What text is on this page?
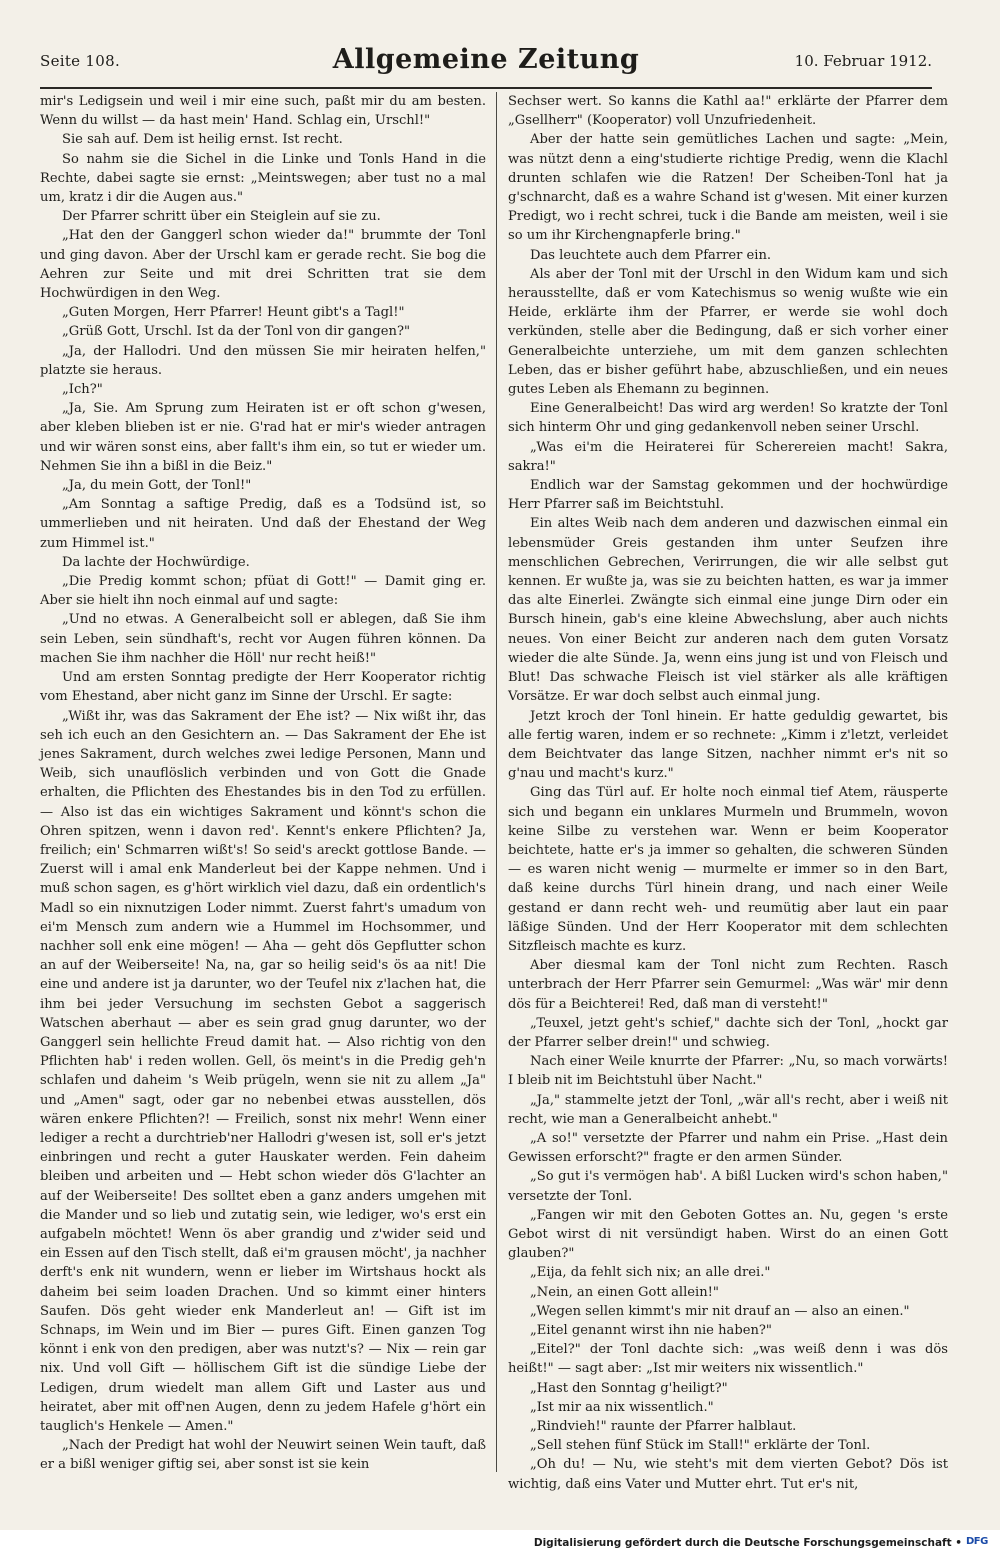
Seite 108.	Allgemeine Zeitung	10. Februar 1912.

mir's Ledigsein und weil i mir eine such, paßt mir du am besten. Wenn du willst — da hast mein' Hand. Schlag ein, Urschl!"

Sie sah auf. Dem ist heilig ernst. Ist recht.

So nahm sie die Sichel in die Linke und Tonls Hand in die Rechte, dabei sagte sie ernst: „Meintswegen; aber tust no a mal um, kratz i dir die Augen aus."

Der Pfarrer schritt über ein Steiglein auf sie zu.

„Hat den der Ganggerl schon wieder da!" brummte der Tonl und ging davon. Aber der Urschl kam er gerade recht. Sie bog die Aehren zur Seite und mit drei Schritten trat sie dem Hochwürdigen in den Weg.

„Guten Morgen, Herr Pfarrer! Heunt gibt's a Tagl!"

„Grüß Gott, Urschl. Ist da der Tonl von dir gangen?"

„Ja, der Hallodri. Und den müssen Sie mir heiraten helfen," platzte sie heraus.

„Ich?"

„Ja, Sie. Am Sprung zum Heiraten ist er oft schon g'wesen, aber kleben blieben ist er nie. G'rad hat er mir's wieder antragen und wir wären sonst eins, aber fallt's ihm ein, so tut er wieder um. Nehmen Sie ihn a bißl in die Beiz."

„Ja, du mein Gott, der Tonl!"

„Am Sonntag a saftige Predig, daß es a Todsünd ist, so ummerlieben und nit heiraten. Und daß der Ehestand der Weg zum Himmel ist."

Da lachte der Hochwürdige.

„Die Predig kommt schon; pfüat di Gott!" — Damit ging er. Aber sie hielt ihn noch einmal auf und sagte:

„Und no etwas. A Generalbeicht soll er ablegen, daß Sie ihm sein Leben, sein sündhaft's, recht vor Augen führen können. Da machen Sie ihm nachher die Höll' nur recht heiß!"

Und am ersten Sonntag predigte der Herr Kooperator richtig vom Ehestand, aber nicht ganz im Sinne der Urschl. Er sagte:

„Wißt ihr, was das Sakrament der Ehe ist? — Nix wißt ihr, das seh ich euch an den Gesichtern an. — Das Sakrament der Ehe ist jenes Sakrament, durch welches zwei ledige Personen, Mann und Weib, sich unauflöslich verbinden und von Gott die Gnade erhalten, die Pflichten des Ehestandes bis in den Tod zu erfüllen. — Also ist das ein wichtiges Sakrament und könnt's schon die Ohren spitzen, wenn i davon red'. Kennt's enkere Pflichten? Ja, freilich; ein' Schmarren wißt's! So seid's areckt gottlose Bande. — Zuerst will i amal enk Manderleut bei der Kappe nehmen. Und i muß schon sagen, es g'hört wirklich viel dazu, daß ein ordentlich's Madl so ein nixnutzigen Loder nimmt. Zuerst fahrt's umadum von ei'm Mensch zum andern wie a Hummel im Hochsommer, und nachher soll enk eine mögen! — Aha — geht dös Gepflutter schon an auf der Weiberseite! Na, na, gar so heilig seid's ös aa nit! Die eine und andere ist ja darunter, wo der Teufel nix z'lachen hat, die ihm bei jeder Versuchung im sechsten Gebot a saggerisch Watschen aberhaut — aber es sein grad gnug darunter, wo der Ganggerl sein hellichte Freud damit hat. — Also richtig von den Pflichten hab' i reden wollen. Gell, ös meint's in die Predig geh'n schlafen und daheim 's Weib prügeln, wenn sie nit zu allem „Ja" und „Amen" sagt, oder gar no nebenbei etwas ausstellen, dös wären enkere Pflichten?! — Freilich, sonst nix mehr! Wenn einer lediger a recht a durchtrieb'ner Hallodri g'wesen ist, soll er's jetzt einbringen und recht a guter Hauskater werden. Fein daheim bleiben und arbeiten und — Hebt schon wieder dös G'lachter an auf der Weiberseite! Des solltet eben a ganz anders umgehen mit die Mander und so lieb und zutatig sein, wie lediger, wo's erst ein aufgabeln möchtet! Wenn ös aber grandig und z'wider seid und ein Essen auf den Tisch stellt, daß ei'm grausen möcht', ja nachher derft's enk nit wundern, wenn er lieber im Wirtshaus hockt als daheim bei seim loaden Drachen. Und so kimmt einer hinters Saufen. Dös geht wieder enk Manderleut an! — Gift ist im Schnaps, im Wein und im Bier — pures Gift. Einen ganzen Tog könnt i enk von den predigen, aber was nutzt's? — Nix — rein gar nix. Und voll Gift — höllischem Gift ist die sündige Liebe der Ledigen, drum wiedelt man allem Gift und Laster aus und heiratet, aber mit off'nen Augen, denn zu jedem Hafele g'hört ein tauglich's Henkele — Amen."

„Nach der Predigt hat wohl der Neuwirt seinen Wein tauft, daß er a bißl weniger giftig sei, aber sonst ist sie kein

Sechser wert. So kanns die Kathl aa!" erklärte der Pfarrer dem „Gsellherr" (Kooperator) voll Unzufriedenheit.

Aber der hatte sein gemütliches Lachen und sagte: „Mein, was nützt denn a eing'studierte richtige Predig, wenn die Klachl drunten schlafen wie die Ratzen! Der Scheiben-Tonl hat ja g'schnarcht, daß es a wahre Schand ist g'wesen. Mit einer kurzen Predigt, wo i recht schrei, tuck i die Bande am meisten, weil i sie so um ihr Kirchengnapferle bring."

Das leuchtete auch dem Pfarrer ein.

Als aber der Tonl mit der Urschl in den Widum kam und sich herausstellte, daß er vom Katechismus so wenig wußte wie ein Heide, erklärte ihm der Pfarrer, er werde sie wohl doch verkünden, stelle aber die Bedingung, daß er sich vorher einer Generalbeichte unterziehe, um mit dem ganzen schlechten Leben, das er bisher geführt habe, abzuschließen, und ein neues gutes Leben als Ehemann zu beginnen.

Eine Generalbeicht! Das wird arg werden! So kratzte der Tonl sich hinterm Ohr und ging gedankenvoll neben seiner Urschl.

„Was ei'm die Heiraterei für Scherereien macht! Sakra, sakra!"

Endlich war der Samstag gekommen und der hochwürdige Herr Pfarrer saß im Beichtstuhl.

Ein altes Weib nach dem anderen und dazwischen einmal ein lebensmüder Greis gestanden ihm unter Seufzen ihre menschlichen Gebrechen, Verirrungen, die wir alle selbst gut kennen. Er wußte ja, was sie zu beichten hatten, es war ja immer das alte Einerlei. Zwängte sich einmal eine junge Dirn oder ein Bursch hinein, gab's eine kleine Abwechslung, aber auch nichts neues. Von einer Beicht zur anderen nach dem guten Vorsatz wieder die alte Sünde. Ja, wenn eins jung ist und von Fleisch und Blut! Das schwache Fleisch ist viel stärker als alle kräftigen Vorsätze. Er war doch selbst auch einmal jung.

Jetzt kroch der Tonl hinein. Er hatte geduldig gewartet, bis alle fertig waren, indem er so rechnete: „Kimm i z'letzt, verleidet dem Beichtvater das lange Sitzen, nachher nimmt er's nit so g'nau und macht's kurz."

Ging das Türl auf. Er holte noch einmal tief Atem, räusperte sich und begann ein unklares Murmeln und Brummeln, wovon keine Silbe zu verstehen war. Wenn er beim Kooperator beichtete, hatte er's ja immer so gehalten, die schweren Sünden — es waren nicht wenig — murmelte er immer so in den Bart, daß keine durchs Türl hinein drang, und nach einer Weile gestand er dann recht weh- und reumütig aber laut ein paar läßige Sünden. Und der Herr Kooperator mit dem schlechten Sitzfleisch machte es kurz.

Aber diesmal kam der Tonl nicht zum Rechten. Rasch unterbrach der Herr Pfarrer sein Gemurmel: „Was wär' mir denn dös für a Beichterei! Red, daß man di versteht!"

„Teuxel, jetzt geht's schief," dachte sich der Tonl, „hockt gar der Pfarrer selber drein!" und schwieg.

Nach einer Weile knurrte der Pfarrer: „Nu, so mach vorwärts! I bleib nit im Beichtstuhl über Nacht."

„Ja," stammelte jetzt der Tonl, „wär all's recht, aber i weiß nit recht, wie man a Generalbeicht anhebt."

„A so!" versetzte der Pfarrer und nahm ein Prise. „Hast dein Gewissen erforscht?" fragte er den armen Sünder.

„So gut i's vermögen hab'. A bißl Lucken wird's schon haben," versetzte der Tonl.

„Fangen wir mit den Geboten Gottes an. Nu, gegen 's erste Gebot wirst di nit versündigt haben. Wirst do an einen Gott glauben?"

„Eija, da fehlt sich nix; an alle drei."

„Nein, an einen Gott allein!"

„Wegen sellen kimmt's mir nit drauf an — also an einen."

„Eitel genannt wirst ihn nie haben?"

„Eitel?" der Tonl dachte sich: „was weiß denn i was dös heißt!" — sagt aber: „Ist mir weiters nix wissentlich."

„Hast den Sonntag g'heiligt?"

„Ist mir aa nix wissentlich."

„Rindvieh!" raunte der Pfarrer halblaut.

„Sell stehen fünf Stück im Stall!" erklärte der Tonl.

„Oh du! — Nu, wie steht's mit dem vierten Gebot? Dös ist wichtig, daß eins Vater und Mutter ehrt. Tut er's nit,

Digitalisierung gefördert durch die Deutsche Forschungsgemeinschaft • DFG
